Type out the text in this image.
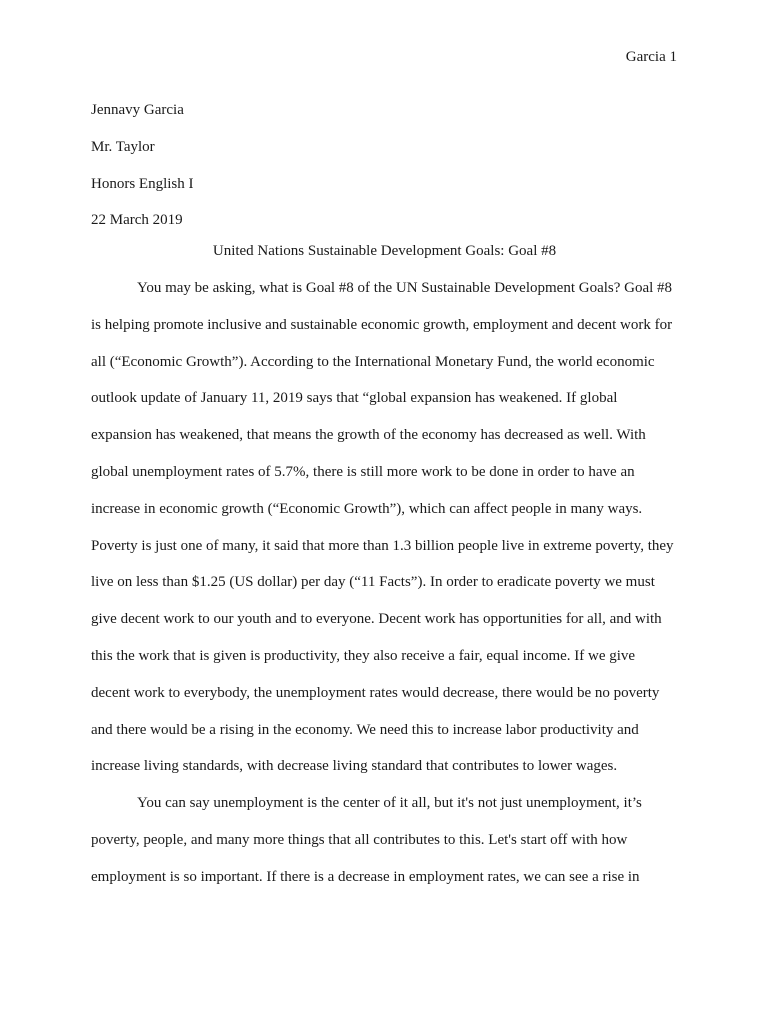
Garcia 1
Jennavy Garcia
Mr. Taylor
Honors English I
22 March 2019
United Nations Sustainable Development Goals: Goal #8
You may be asking, what is Goal #8 of the UN Sustainable Development Goals? Goal #8
is helping promote inclusive and sustainable economic growth, employment and decent work for
all (“Economic Growth”). According to the International Monetary Fund, the world economic
outlook update of January 11, 2019 says that “global expansion has weakened. If global
expansion has weakened, that means the growth of the economy has decreased as well. With
global unemployment rates of 5.7%, there is still more work to be done in order to have an
increase in economic growth (“Economic Growth”), which can affect people in many ways.
Poverty is just one of many, it said that more than 1.3 billion people live in extreme poverty, they
live on less than $1.25 (US dollar) per day (“11 Facts”). In order to eradicate poverty we must
give decent work to our youth and to everyone. Decent work has opportunities for all, and with
this the work that is given is productivity, they also receive a fair, equal income. If we give
decent work to everybody, the unemployment rates would decrease, there would be no poverty
and there would be a rising in the economy. We need this to increase labor productivity and
increase living standards, with decrease living standard that contributes to lower wages.
You can say unemployment is the center of it all, but it's not just unemployment, it’s
poverty, people, and many more things that all contributes to this. Let's start off with how
employment is so important. If there is a decrease in employment rates, we can see a rise in
